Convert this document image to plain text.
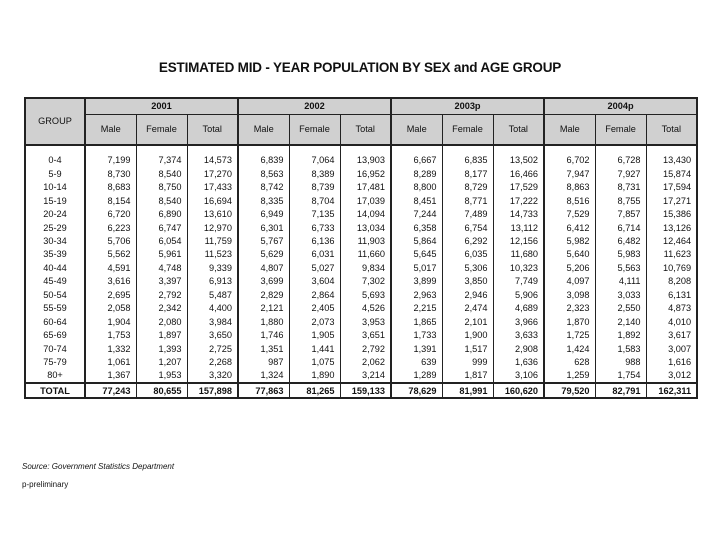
ESTIMATED MID - YEAR POPULATION BY SEX and AGE GROUP
GROUP	2001			2002			2003p			2004p		
	Male	Female	Total	Male	Female	Total	Male	Female	Total	Male	Female	Total
0-4	7,199	7,374	14,573	6,839	7,064	13,903	6,667	6,835	13,502	6,702	6,728	13,430
5-9	8,730	8,540	17,270	8,563	8,389	16,952	8,289	8,177	16,466	7,947	7,927	15,874
10-14	8,683	8,750	17,433	8,742	8,739	17,481	8,800	8,729	17,529	8,863	8,731	17,594
15-19	8,154	8,540	16,694	8,335	8,704	17,039	8,451	8,771	17,222	8,516	8,755	17,271
20-24	6,720	6,890	13,610	6,949	7,135	14,094	7,244	7,489	14,733	7,529	7,857	15,386
25-29	6,223	6,747	12,970	6,301	6,733	13,034	6,358	6,754	13,112	6,412	6,714	13,126
30-34	5,706	6,054	11,759	5,767	6,136	11,903	5,864	6,292	12,156	5,982	6,482	12,464
35-39	5,562	5,961	11,523	5,629	6,031	11,660	5,645	6,035	11,680	5,640	5,983	11,623
40-44	4,591	4,748	9,339	4,807	5,027	9,834	5,017	5,306	10,323	5,206	5,563	10,769
45-49	3,616	3,397	6,913	3,699	3,604	7,302	3,899	3,850	7,749	4,097	4,111	8,208
50-54	2,695	2,792	5,487	2,829	2,864	5,693	2,963	2,946	5,906	3,098	3,033	6,131
55-59	2,058	2,342	4,400	2,121	2,405	4,526	2,215	2,474	4,689	2,323	2,550	4,873
60-64	1,904	2,080	3,984	1,880	2,073	3,953	1,865	2,101	3,966	1,870	2,140	4,010
65-69	1,753	1,897	3,650	1,746	1,905	3,651	1,733	1,900	3,633	1,725	1,892	3,617
70-74	1,332	1,393	2,725	1,351	1,441	2,792	1,391	1,517	2,908	1,424	1,583	3,007
75-79	1,061	1,207	2,268	987	1,075	2,062	639	999	1,636	628	988	1,616
80+	1,367	1,953	3,320	1,324	1,890	3,214	1,289	1,817	3,106	1,259	1,754	3,012
TOTAL	77,243	80,655	157,898	77,863	81,265	159,133	78,629	81,991	160,620	79,520	82,791	162,311
Source: Government Statistics Department
p-preliminary
